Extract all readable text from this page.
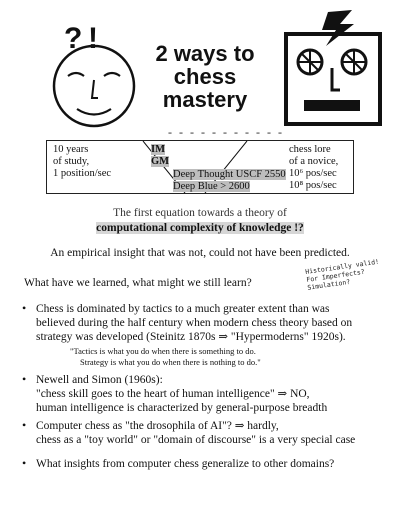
? !	2 ways to
chess
mastery
- - - - - - - - - - -
10 years
of study,
1 position/sec
IM
GM
Deep Thought USCF 2550
Deep Blue > 2600
chess lore
of a novice,
10⁶ pos/sec
10⁸ pos/sec
The first equation towards a theory of
computational complexity of knowledge !?
An empirical insight that was not, could not have been predicted.
What have we learned, what might we still learn?
Historically valid! For Imperfects? Simulation?
• Chess is dominated by tactics to a much greater extent than was
believed during the half century when modern chess theory based on
strategy was developed (Steinitz 1870s ⇒ "Hypermoderns" 1920s).
"Tactics is what you do when there is something to do.
Strategy is what you do when there is nothing to do."
• Newell and Simon (1960s):
"chess skill goes to the heart of human intelligence" ⇒ NO,
human intelligence is characterized by general-purpose breadth
• Computer chess as "the drosophila of AI"? ⇒ hardly,
chess as a "toy world" or "domain of discourse" is a very special case
• What insights from computer chess generalize to other domains?
